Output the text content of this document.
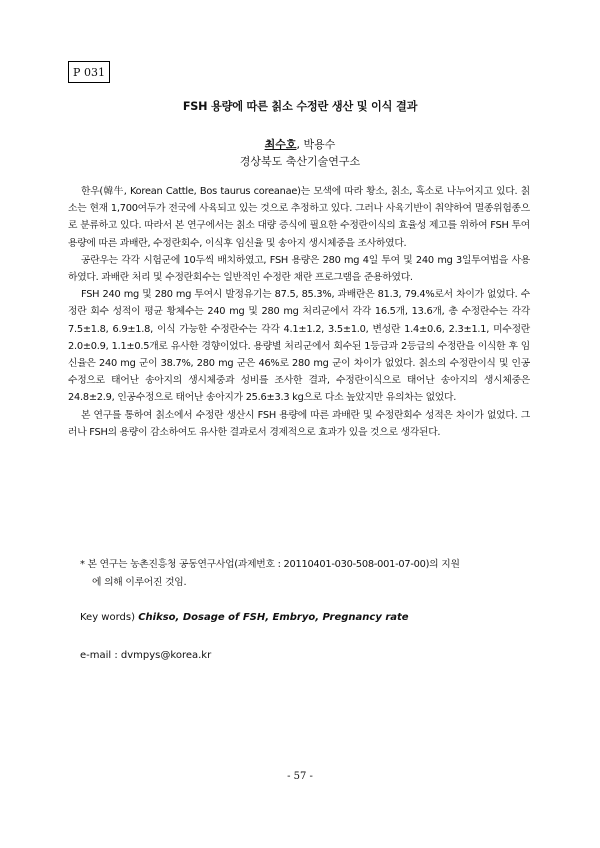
P 031
FSH 용량에 따른 칡소 수정란 생산 및 이식 결과
최수호, 박용수
경상북도 축산기술연구소

한우(韓牛, Korean Cattle, Bos taurus coreanae)는 모색에 따라 황소, 칡소, 흑소로 나누어지고 있다. 칡소는 현재 1,700여두가 전국에 사육되고 있는 것으로 추정하고 있다. 그러나 사육기반이 취약하여 멸종위험종으로 분류하고 있다. 따라서 본 연구에서는 칡소 대량 증식에 필요한 수정란이식의 효율성 제고를 위하여 FSH 투여 용량에 따른 과배란, 수정란회수, 이식후 임신율 및 송아지 생시체중을 조사하였다.

공란우는 각각 시험군에 10두씩 배치하였고, FSH 용량은 280 mg 4일 투여 및 240 mg 3일투여법을 사용하였다. 과배란 처리 및 수정란회수는 일반적인 수정란 채란 프로그램을 준용하였다.

FSH 240 mg 및 280 mg 투여시 발정유기는 87.5, 85.3%, 과배란은 81.3, 79.4%로서 차이가 없었다. 수정란 회수 성적이 평균 황체수는 240 mg 및 280 mg 처리군에서 각각 16.5개, 13.6개, 총 수정란수는 각각 7.5±1.8, 6.9±1.8, 이식 가능한 수정란수는 각각 4.1±1.2, 3.5±1.0, 변성란 1.4±0.6, 2.3±1.1, 미수정란 2.0±0.9, 1.1±0.5개로 유사한 경향이었다. 용량별 처리군에서 회수된 1등급과 2등급의 수정란을 이식한 후 임신율은 240 mg 군이 38.7%, 280 mg 군은 46%로 280 mg 군이 차이가 없었다. 칡소의 수정란이식 및 인공수정으로 태어난 송아지의 생시체중과 성비를 조사한 결과, 수정란이식으로 태어난 송아지의 생시체중은 24.8±2.9, 인공수정으로 태어난 송아지가 25.6±3.3 kg으로 다소 높았지만 유의차는 없었다.

본 연구를 통하여 칡소에서 수정란 생산시 FSH 용량에 따른 과배란 및 수정란회수 성적은 차이가 없었다. 그러나 FSH의 용량이 감소하여도 유사한 결과로서 경제적으로 효과가 있을 것으로 생각된다.

* 본 연구는 농촌진흥청 공동연구사업(과제번호 : 20110401-030-508-001-07-00)의 지원
에 의해 이루어진 것임.
Key words) Chikso, Dosage of FSH, Embryo, Pregnancy rate
e-mail : dvmpys@korea.kr
- 57 -
